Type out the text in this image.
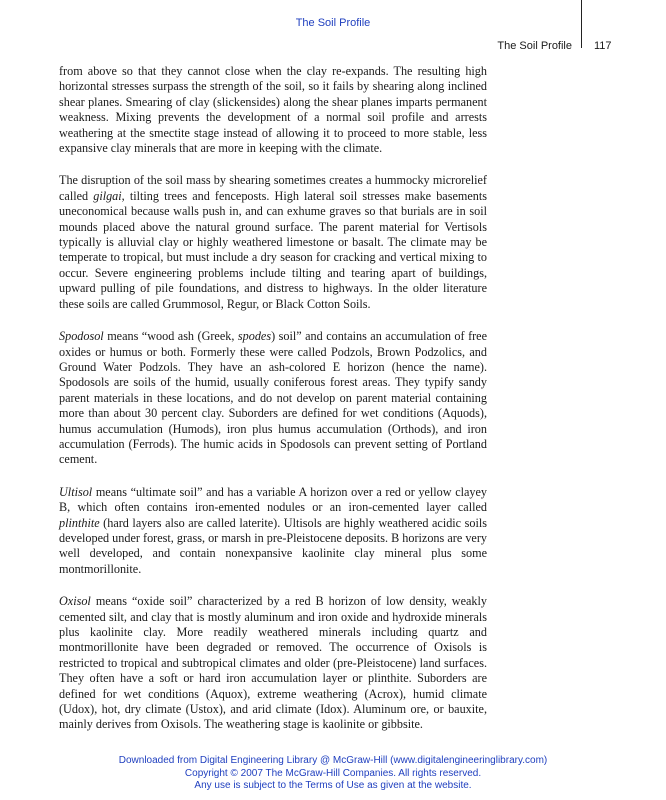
The Soil Profile
The Soil Profile 117

from above so that they cannot close when the clay re-expands. The resulting high horizontal stresses surpass the strength of the soil, so it fails by shearing along inclined shear planes. Smearing of clay (slickensides) along the shear planes imparts permanent weakness. Mixing prevents the development of a normal soil profile and arrests weathering at the smectite stage instead of allowing it to proceed to more stable, less expansive clay minerals that are more in keeping with the climate.

The disruption of the soil mass by shearing sometimes creates a hummocky microrelief called gilgai, tilting trees and fenceposts. High lateral soil stresses make basements uneconomical because walls push in, and can exhume graves so that burials are in soil mounds placed above the natural ground surface. The parent material for Vertisols typically is alluvial clay or highly weathered limestone or basalt. The climate may be temperate to tropical, but must include a dry season for cracking and vertical mixing to occur. Severe engineering problems include tilting and tearing apart of buildings, upward pulling of pile foundations, and distress to highways. In the older literature these soils are called Grummosol, Regur, or Black Cotton Soils.

Spodosol means “wood ash (Greek, spodes) soil” and contains an accumulation of free oxides or humus or both. Formerly these were called Podzols, Brown Podzolics, and Ground Water Podzols. They have an ash-colored E horizon (hence the name). Spodosols are soils of the humid, usually coniferous forest areas. They typify sandy parent materials in these locations, and do not develop on parent material containing more than about 30 percent clay. Suborders are defined for wet conditions (Aquods), humus accumulation (Humods), iron plus humus accumulation (Orthods), and iron accumulation (Ferrods). The humic acids in Spodosols can prevent setting of Portland cement.

Ultisol means “ultimate soil” and has a variable A horizon over a red or yellow clayey B, which often contains iron-emented nodules or an iron-cemented layer called plinthite (hard layers also are called laterite). Ultisols are highly weathered acidic soils developed under forest, grass, or marsh in pre-Pleistocene deposits. B horizons are very well developed, and contain nonexpansive kaolinite clay mineral plus some montmorillonite.

Oxisol means “oxide soil” characterized by a red B horizon of low density, weakly cemented silt, and clay that is mostly aluminum and iron oxide and hydroxide minerals plus kaolinite clay. More readily weathered minerals including quartz and montmorillonite have been degraded or removed. The occurrence of Oxisols is restricted to tropical and subtropical climates and older (pre-Pleistocene) land surfaces. They often have a soft or hard iron accumulation layer or plinthite. Suborders are defined for wet conditions (Aquox), extreme weathering (Acrox), humid climate (Udox), hot, dry climate (Ustox), and arid climate (Idox). Aluminum ore, or bauxite, mainly derives from Oxisols. The weathering stage is kaolinite or gibbsite.

Downloaded from Digital Engineering Library @ McGraw-Hill (www.digitalengineeringlibrary.com)
Copyright © 2007 The McGraw-Hill Companies. All rights reserved.
Any use is subject to the Terms of Use as given at the website.
